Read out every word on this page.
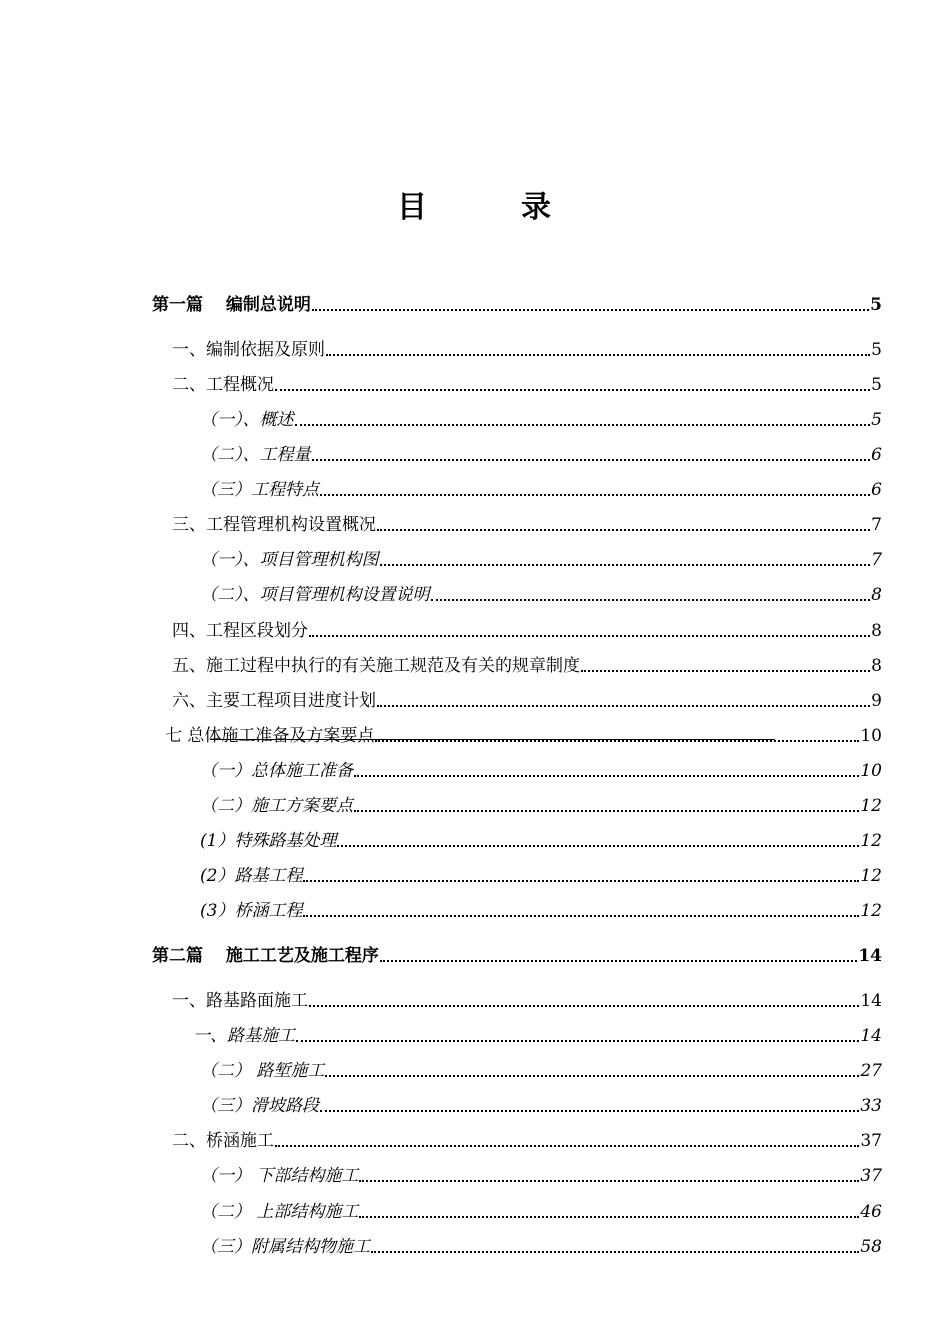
目	录
第一篇　 编制总说明	5
一、编制依据及原则	5
二、工程概况	5
（一）、概述	5
（二）、工程量	6
（三）工程特点	6
三、工程管理机构设置概况	7
（一）、项目管理机构图	7
（二）、项目管理机构设置说明	8
四、工程区段划分	8
五、施工过程中执行的有关施工规范及有关的规章制度	8
六、主要工程项目进度计划	9
七 总体施工准备及方案要点	10
（一）总体施工准备	10
（二）施工方案要点	12
(1）特殊路基处理	12
(2）路基工程	12
(3）桥涵工程	12
第二篇　 施工工艺及施工程序	14
一、路基路面施工	14
一、路基施工	14
（二） 路堑施工	27
（三）滑坡路段	33
二、桥涵施工	37
（一） 下部结构施工	37
（二） 上部结构施工	46
（三）附属结构物施工	58
